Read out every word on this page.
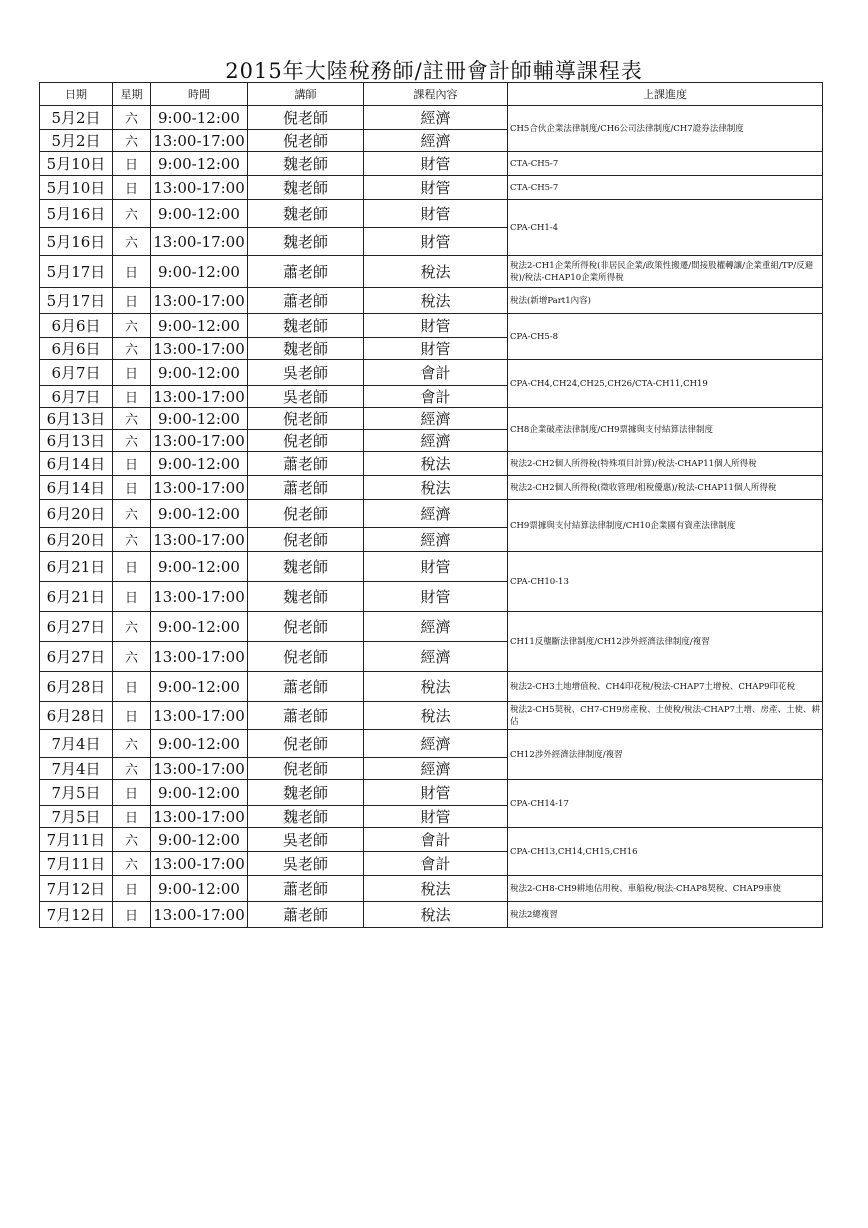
2015年大陸稅務師/註冊會計師輔導課程表
日期	星期	時間	講師	課程內容	上課進度
5月2日	六	9:00-12:00	倪老師	經濟	CH5合伙企業法律制度/CH6公司法律制度/CH7證券法律制度
5月2日	六	13:00-17:00	倪老師	經濟	
5月10日	日	9:00-12:00	魏老師	財管	CTA-CH5-7
5月10日	日	13:00-17:00	魏老師	財管	CTA-CH5-7
5月16日	六	9:00-12:00	魏老師	財管	CPA-CH1-4
5月16日	六	13:00-17:00	魏老師	財管	
5月17日	日	9:00-12:00	蕭老師	稅法	稅法2-CH1企業所得稅(非居民企業/政策性搬遷/間接股權轉讓/企業重組/TP/反避稅)/稅法-CHAP10企業所得稅
5月17日	日	13:00-17:00	蕭老師	稅法	稅法(新增Part1內容)
6月6日	六	9:00-12:00	魏老師	財管	CPA-CH5-8
6月6日	六	13:00-17:00	魏老師	財管	
6月7日	日	9:00-12:00	吳老師	會計	CPA-CH4,CH24,CH25,CH26/CTA-CH11,CH19
6月7日	日	13:00-17:00	吳老師	會計	
6月13日	六	9:00-12:00	倪老師	經濟	CH8企業破產法律制度/CH9票據與支付結算法律制度
6月13日	六	13:00-17:00	倪老師	經濟	
6月14日	日	9:00-12:00	蕭老師	稅法	稅法2-CH2個人所得稅(特殊項目計算)/稅法-CHAP11個人所得稅
6月14日	日	13:00-17:00	蕭老師	稅法	稅法2-CH2個人所得稅(徵收管理/租稅優惠)/稅法-CHAP11個人所得稅
6月20日	六	9:00-12:00	倪老師	經濟	CH9票據與支付結算法律制度/CH10企業國有資產法律制度
6月20日	六	13:00-17:00	倪老師	經濟	
6月21日	日	9:00-12:00	魏老師	財管	CPA-CH10-13
6月21日	日	13:00-17:00	魏老師	財管	
6月27日	六	9:00-12:00	倪老師	經濟	CH11反壟斷法律制度/CH12涉外經濟法律制度/複習
6月27日	六	13:00-17:00	倪老師	經濟	
6月28日	日	9:00-12:00	蕭老師	稅法	稅法2-CH3土地增值稅、CH4印花稅/稅法-CHAP7土增稅、CHAP9印花稅
6月28日	日	13:00-17:00	蕭老師	稅法	稅法2-CH5契稅、CH7-CH9房產稅、土使稅/稅法-CHAP7土增、房產、土使、耕佔
7月4日	六	9:00-12:00	倪老師	經濟	CH12涉外經濟法律制度/複習
7月4日	六	13:00-17:00	倪老師	經濟	
7月5日	日	9:00-12:00	魏老師	財管	CPA-CH14-17
7月5日	日	13:00-17:00	魏老師	財管	
7月11日	六	9:00-12:00	吳老師	會計	CPA-CH13,CH14,CH15,CH16
7月11日	六	13:00-17:00	吳老師	會計	
7月12日	日	9:00-12:00	蕭老師	稅法	稅法2-CH8-CH9耕地佔用稅、車船稅/稅法-CHAP8契稅、CHAP9車使
7月12日	日	13:00-17:00	蕭老師	稅法	稅法2總複習
